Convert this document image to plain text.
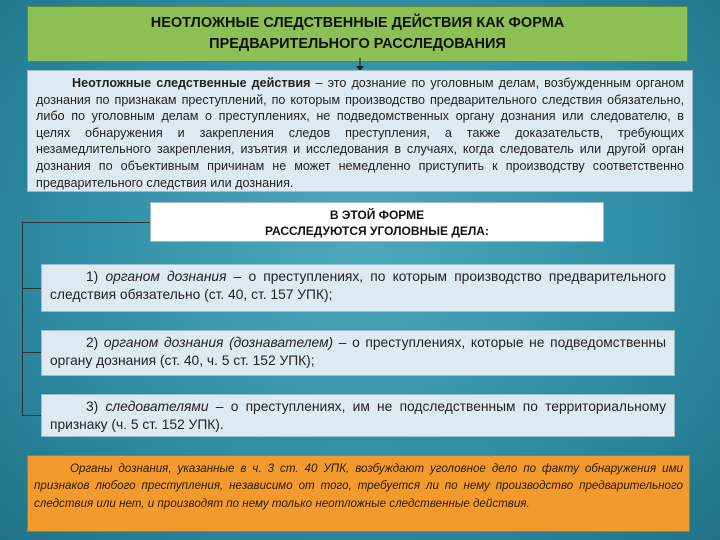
НЕОТЛОЖНЫЕ СЛЕДСТВЕННЫЕ ДЕЙСТВИЯ КАК ФОРМА
ПРЕДВАРИТЕЛЬНОГО РАССЛЕДОВАНИЯ
Неотложные следственные действия – это дознание по уголовным делам, возбужденным органом дознания по признакам преступлений, по которым производство предварительного следствия обязательно, либо по уголовным делам о преступлениях, не подведомственных органу дознания или следователю, в целях обнаружения и закрепления следов преступления, а также доказательств, требующих незамедлительного закрепления, изъятия и исследования в случаях, когда следователь или другой орган дознания по объективным причинам не может немедленно приступить к производству соответственно предварительного следствия или дознания.
В ЭТОЙ ФОРМЕ
РАССЛЕДУЮТСЯ УГОЛОВНЫЕ ДЕЛА:
1) органом дознания – о преступлениях, по которым производство предварительного следствия обязательно (ст. 40, ст. 157 УПК);
2) органом дознания (дознавателем) – о преступлениях, которые не подведомственны органу дознания (ст. 40, ч. 5 ст. 152 УПК);
3) следователями – о преступлениях, им не подследственным по территориальному признаку (ч. 5 ст. 152 УПК).
Органы дознания, указанные в ч. 3 ст. 40 УПК, возбуждают уголовное дело по факту обнаружения ими признаков любого преступления, независимо от того, требуется ли по нему производство предварительного следствия или нет, и производят по нему только неотложные следственные действия.
